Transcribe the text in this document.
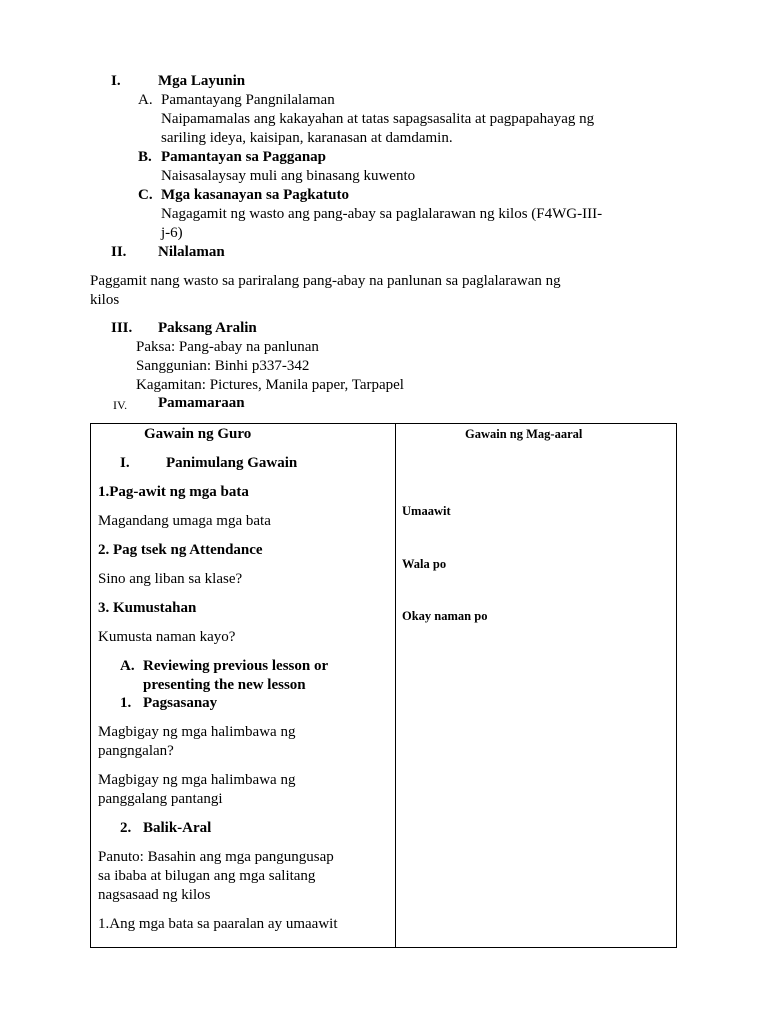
I. Mga Layunin
A. Pamantayang Pangnilalaman
Naipamamalas ang kakayahan at tatas sapagsasalita at pagpapahayag ng
sariling ideya, kaisipan, karanasan at damdamin.
B. Pamantayan sa Pagganap
Naisasalaysay muli ang binasang kuwento
C. Mga kasanayan sa Pagkatuto
Nagagamit ng wasto ang pang-abay sa paglalarawan ng kilos (F4WG-III-
j-6)
II. Nilalaman
Paggamit nang wasto sa pariralang pang-abay na panlunan sa paglalarawan ng
kilos
III. Paksang Aralin
Paksa: Pang-abay na panlunan
Sanggunian: Binhi p337-342
Kagamitan: Pictures, Manila paper, Tarpapel
IV. Pamamaraan
Gawain ng Guro
I. Panimulang Gawain
1.Pag-awit ng mga bata
Magandang umaga mga bata
2. Pag tsek ng Attendance
Sino ang liban sa klase?
3. Kumustahan
Kumusta naman kayo?
A. Reviewing previous lesson or
presenting the new lesson
1. Pagsasanay
Magbigay ng mga halimbawa ng
pangngalan?
Magbigay ng mga halimbawa ng
panggalang pantangi
2. Balik-Aral
Panuto: Basahin ang mga pangungusap
sa ibaba at bilugan ang mga salitang
nagsasaad ng kilos
1.Ang mga bata sa paaralan ay umaawit
Gawain ng Mag-aaral
Umaawit
Wala po
Okay naman po
